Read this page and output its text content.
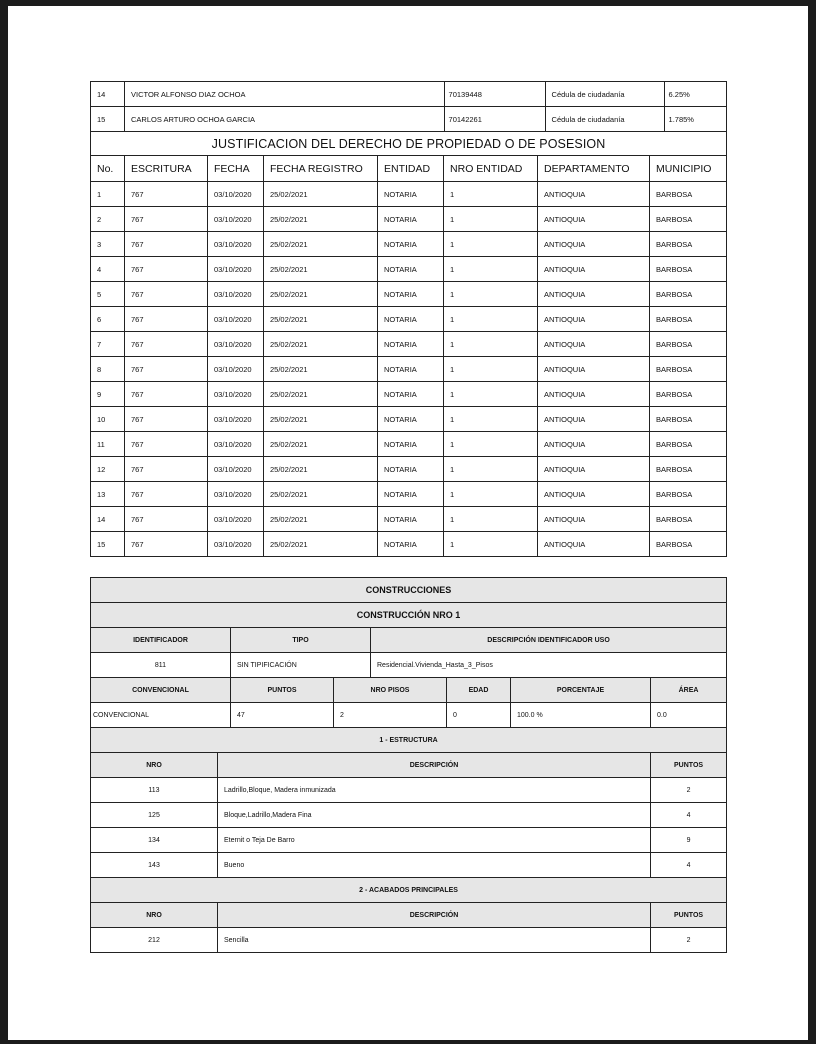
14	VICTOR ALFONSO DIAZ OCHOA				70139448 Cédula de ciudadanía 6.25%		

15	CARLOS ARTURO OCHOA GARCIA				70142261 Cédula de ciudadanía 1.785%		

JUSTIFICACION DEL DERECHO DE PROPIEDAD O DE POSESION							
No.	ESCRITURA	FECHA	FECHA REGISTRO	ENTIDAD	NRO ENTIDAD	DEPARTAMENTO	MUNICIPIO
1	767	03/10/2020	25/02/2021	NOTARIA	1	ANTIOQUIA	BARBOSA
2	767	03/10/2020	25/02/2021	NOTARIA	1	ANTIOQUIA	BARBOSA
3	767	03/10/2020	25/02/2021	NOTARIA	1	ANTIOQUIA	BARBOSA
4	767	03/10/2020	25/02/2021	NOTARIA	1	ANTIOQUIA	BARBOSA
5	767	03/10/2020	25/02/2021	NOTARIA	1	ANTIOQUIA	BARBOSA
6	767	03/10/2020	25/02/2021	NOTARIA	1	ANTIOQUIA	BARBOSA
7	767	03/10/2020	25/02/2021	NOTARIA	1	ANTIOQUIA	BARBOSA
8	767	03/10/2020	25/02/2021	NOTARIA	1	ANTIOQUIA	BARBOSA
9	767	03/10/2020	25/02/2021	NOTARIA	1	ANTIOQUIA	BARBOSA
10	767	03/10/2020	25/02/2021	NOTARIA	1	ANTIOQUIA	BARBOSA
11	767	03/10/2020	25/02/2021	NOTARIA	1	ANTIOQUIA	BARBOSA
12	767	03/10/2020	25/02/2021	NOTARIA	1	ANTIOQUIA	BARBOSA
13	767	03/10/2020	25/02/2021	NOTARIA	1	ANTIOQUIA	BARBOSA
14	767	03/10/2020	25/02/2021	NOTARIA	1	ANTIOQUIA	BARBOSA
15	767	03/10/2020	25/02/2021	NOTARIA	1	ANTIOQUIA	BARBOSA
CONSTRUCCIONES							
CONSTRUCCIÓN NRO 1							
IDENTIFICADOR		TIPO		DESCRIPCIÓN IDENTIFICADOR USO			
811		SIN TIPIFICACIÓN		Residencial.Vivienda_Hasta_3_Pisos			
CONVENCIONAL		PUNTOS	NRO PISOS		EDAD	PORCENTAJE	ÁREA
CONVENCIONAL		47	2		0	100.0 %	0.0
1 - ESTRUCTURA							
NRO	DESCRIPCIÓN						PUNTOS
113	Ladrillo,Bloque, Madera inmunizada						2
125	Bloque,Ladrillo,Madera Fina						4
134	Eternit o Teja De Barro						9
143	Bueno						4
2 - ACABADOS PRINCIPALES							
NRO	DESCRIPCIÓN						PUNTOS
212	Sencilla						2
